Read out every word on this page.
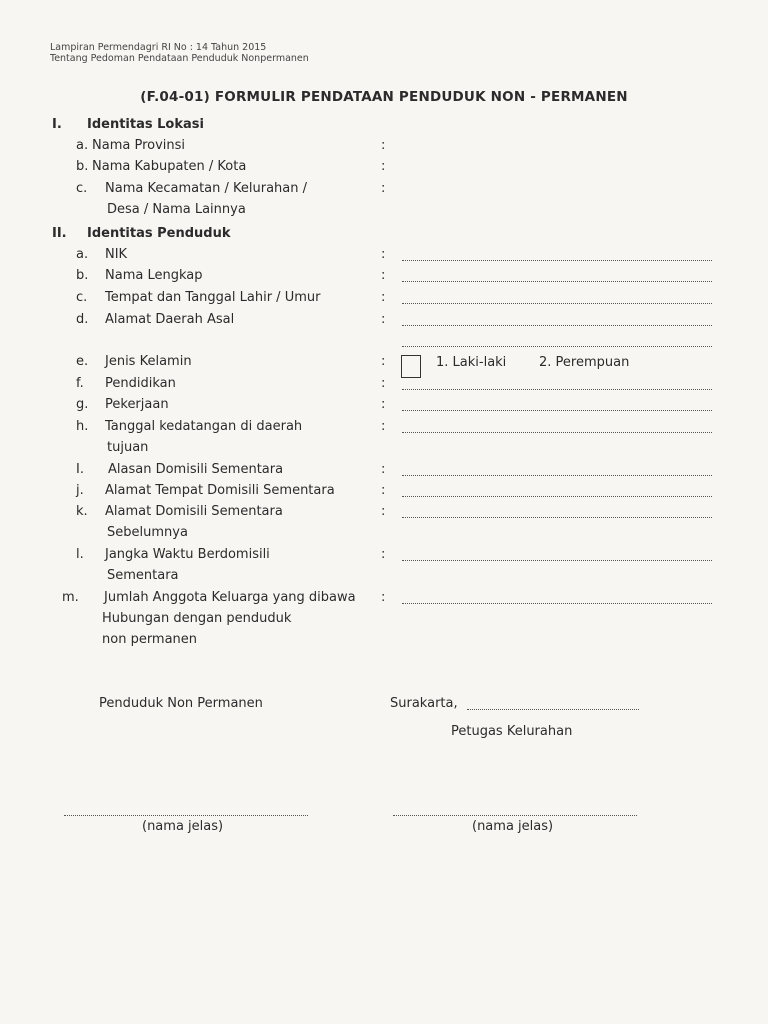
Lampiran Permendagri RI No : 14 Tahun 2015
Tentang Pedoman Pendataan Penduduk Nonpermanen
(F.04-01) FORMULIR PENDATAAN PENDUDUK NON - PERMANEN
I. Identitas Lokasi
a. Nama Provinsi	:
b. Nama Kabupaten / Kota	:
c. Nama Kecamatan / Kelurahan /	:
Desa / Nama Lainnya
II. Identitas Penduduk
a. NIK	:
b. Nama Lengkap	:
c. Tempat dan Tanggal Lahir / Umur	:
d. Alamat Daerah Asal	:
e. Jenis Kelamin	:	1. Laki-laki	2. Perempuan
f. Pendidikan	:
g. Pekerjaan	:
h. Tanggal kedatangan di daerah	:
tujuan
I. Alasan Domisili Sementara	:
j. Alamat Tempat Domisili Sementara	:
k. Alamat Domisili Sementara	:
Sebelumnya
l. Jangka Waktu Berdomisili	:
Sementara
m. Jumlah Anggota Keluarga yang dibawa :
Hubungan dengan penduduk
non permanen
Penduduk Non Permanen	Surakarta,
Petugas Kelurahan
(nama jelas)	(nama jelas)
